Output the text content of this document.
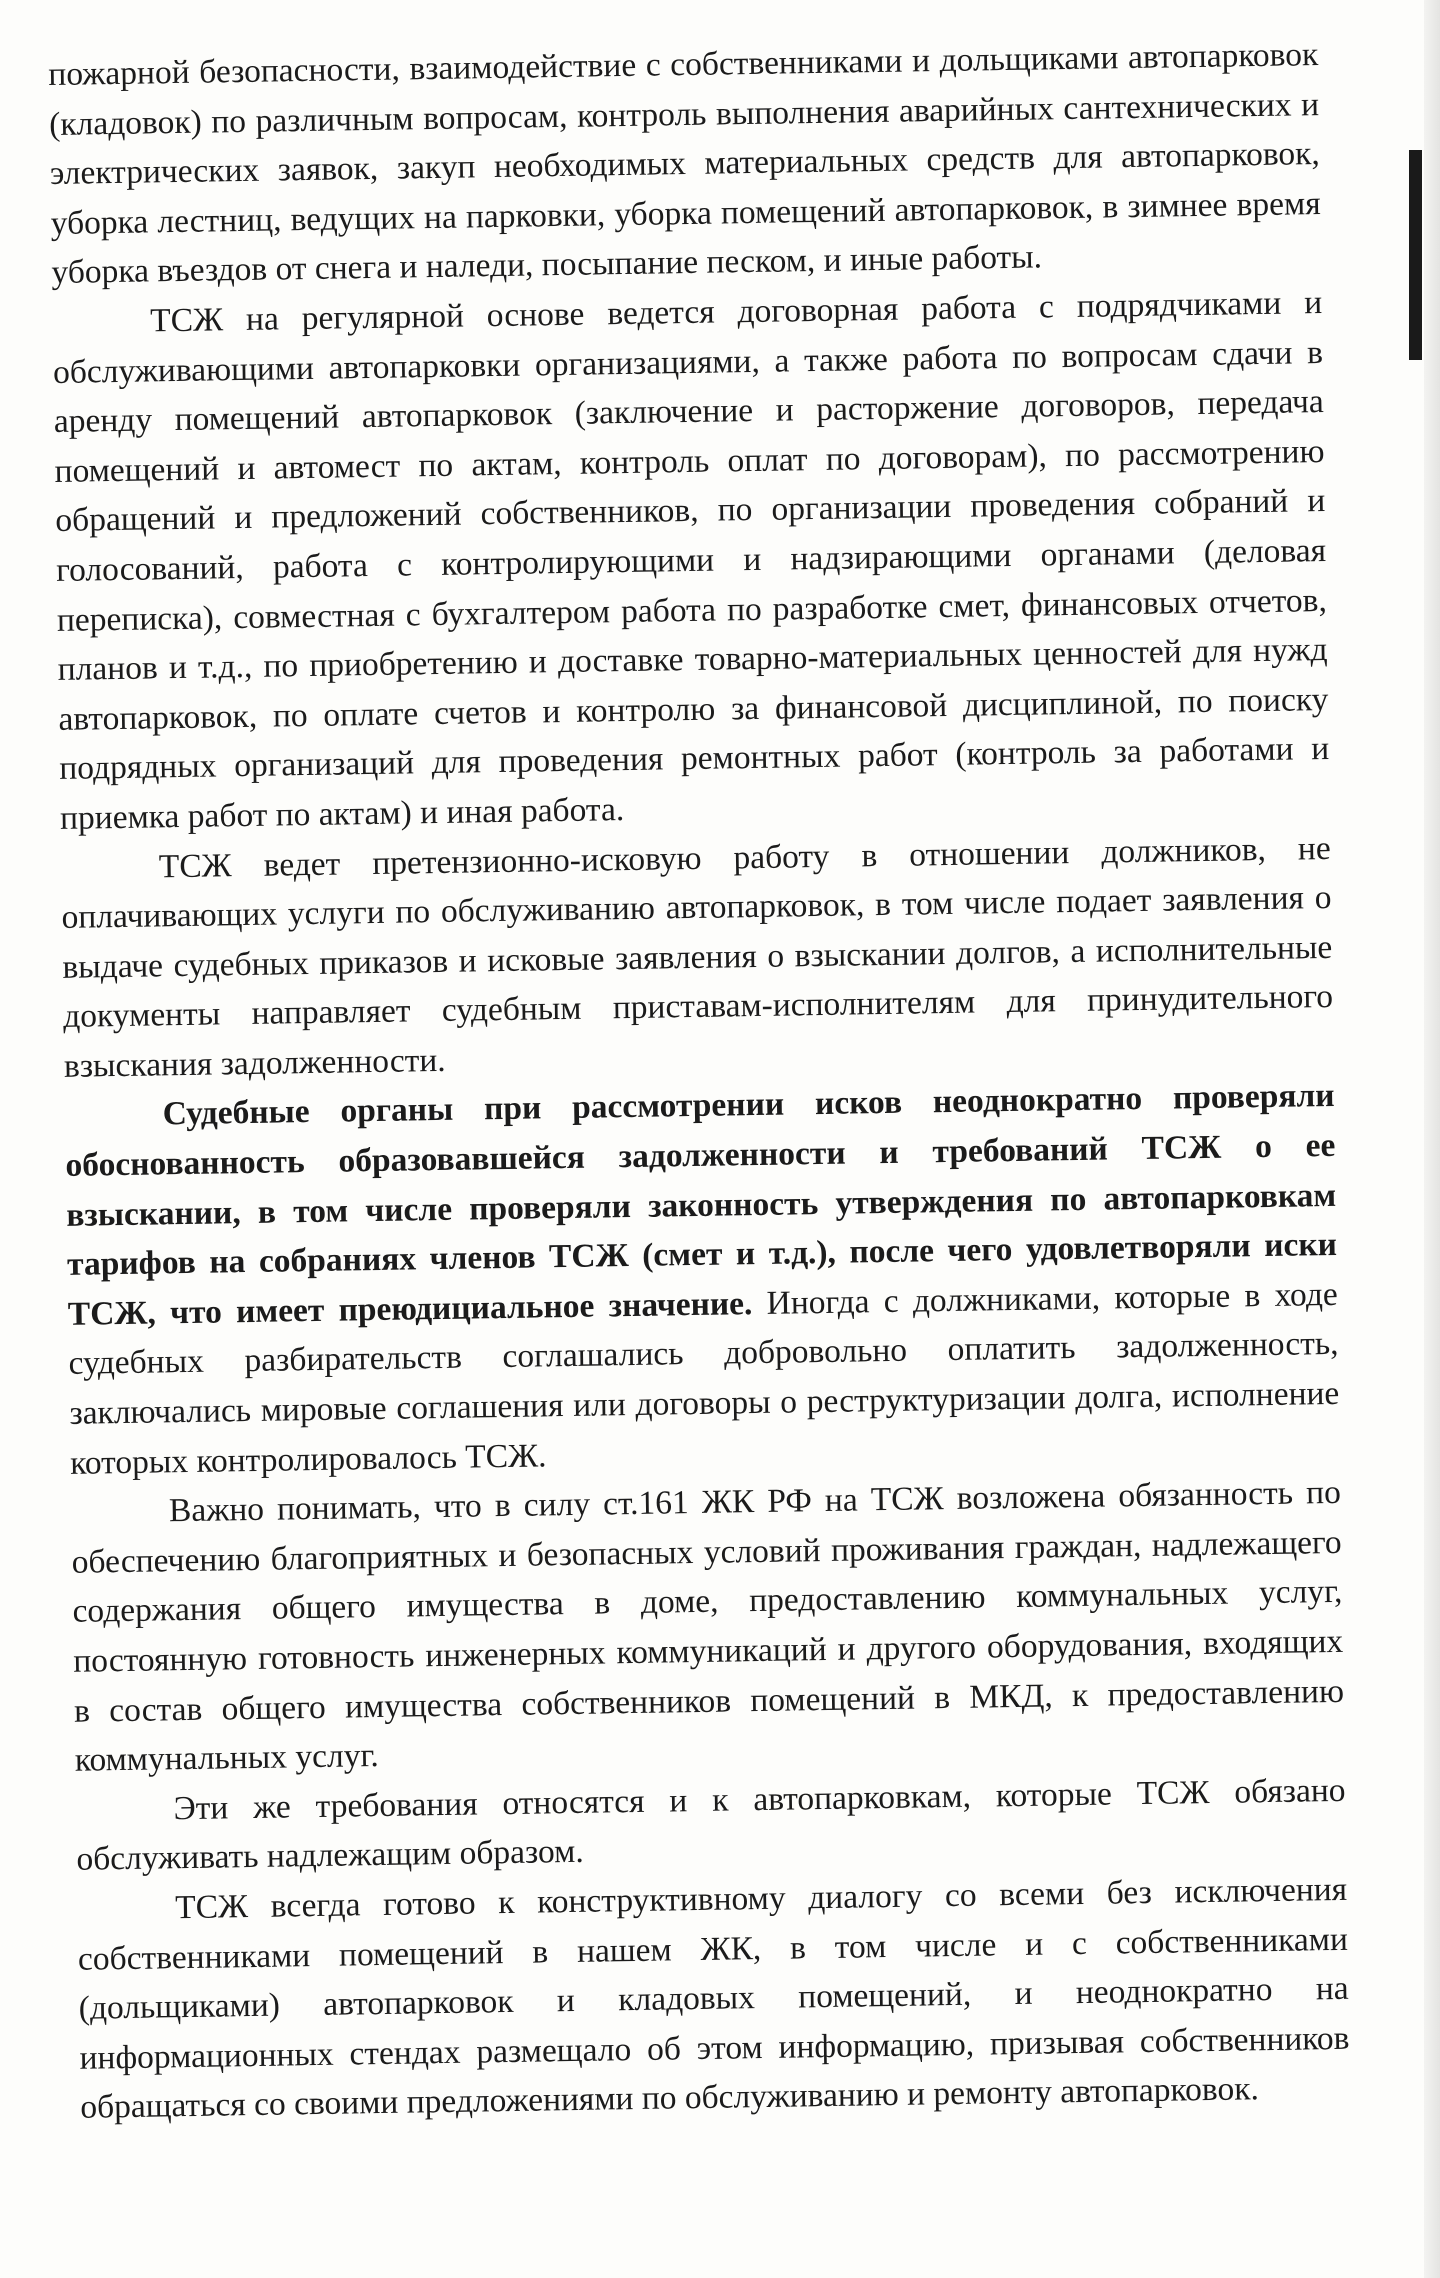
пожарной безопасности, взаимодействие с собственниками и дольщиками автопарковок (кладовок) по различным вопросам, контроль выполнения аварийных сантехнических и электрических заявок, закуп необходимых материальных средств для автопарковок, уборка лестниц, ведущих на парковки, уборка помещений автопарковок, в зимнее время уборка въездов от снега и наледи, посыпание песком, и иные работы.

ТСЖ на регулярной основе ведется договорная работа с подрядчиками и обслуживающими автопарковки организациями, а также работа по вопросам сдачи в аренду помещений автопарковок (заключение и расторжение договоров, передача помещений и автомест по актам, контроль оплат по договорам), по рассмотрению обращений и предложений собственников, по организации проведения собраний и голосований, работа с контролирующими и надзирающими органами (деловая переписка), совместная с бухгалтером работа по разработке смет, финансовых отчетов, планов и т.д., по приобретению и доставке товарно-материальных ценностей для нужд автопарковок, по оплате счетов и контролю за финансовой дисциплиной, по поиску подрядных организаций для проведения ремонтных работ (контроль за работами и приемка работ по актам) и иная работа.

ТСЖ ведет претензионно-исковую работу в отношении должников, не оплачивающих услуги по обслуживанию автопарковок, в том числе подает заявления о выдаче судебных приказов и исковые заявления о взыскании долгов, а исполнительные документы направляет судебным приставам-исполнителям для принудительного взыскания задолженности.

Судебные органы при рассмотрении исков неоднократно проверяли обоснованность образовавшейся задолженности и требований ТСЖ о ее взыскании, в том числе проверяли законность утверждения по автопарковкам тарифов на собраниях членов ТСЖ (смет и т.д.), после чего удовлетворяли иски ТСЖ, что имеет преюдициальное значение. Иногда с должниками, которые в ходе судебных разбирательств соглашались добровольно оплатить задолженность, заключались мировые соглашения или договоры о реструктуризации долга, исполнение которых контролировалось ТСЖ.

Важно понимать, что в силу ст.161 ЖК РФ на ТСЖ возложена обязанность по обеспечению благоприятных и безопасных условий проживания граждан, надлежащего содержания общего имущества в доме, предоставлению коммунальных услуг, постоянную готовность инженерных коммуникаций и другого оборудования, входящих в состав общего имущества собственников помещений в МКД, к предоставлению коммунальных услуг.

Эти же требования относятся и к автопарковкам, которые ТСЖ обязано обслуживать надлежащим образом.

ТСЖ всегда готово к конструктивному диалогу со всеми без исключения собственниками помещений в нашем ЖК, в том числе и с собственниками (дольщиками) автопарковок и кладовых помещений, и неоднократно на информационных стендах размещало об этом информацию, призывая собственников обращаться со своими предложениями по обслуживанию и ремонту автопарковок.
